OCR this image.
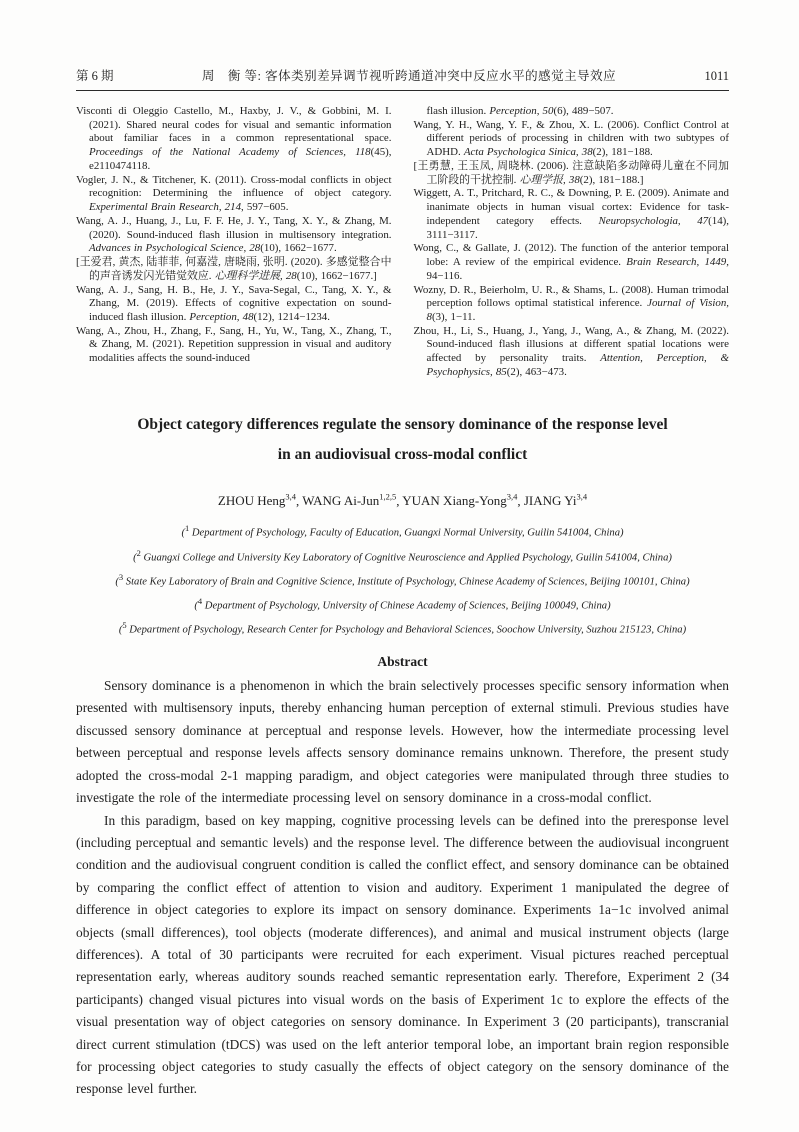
第 6 期	周　衡 等: 客体类别差异调节视听跨通道冲突中反应水平的感觉主导效应	1011

Visconti di Oleggio Castello, M., Haxby, J. V., & Gobbini, M. I. (2021). Shared neural codes for visual and semantic information about familiar faces in a common representational space. Proceedings of the National Academy of Sciences, 118(45), e2110474118.

Vogler, J. N., & Titchener, K. (2011). Cross-modal conflicts in object recognition: Determining the influence of object category. Experimental Brain Research, 214, 597−605.

Wang, A. J., Huang, J., Lu, F. F. He, J. Y., Tang, X. Y., & Zhang, M. (2020). Sound-induced flash illusion in multisensory integration. Advances in Psychological Science, 28(10), 1662−1677.

[王爱君, 黄杰, 陆菲菲, 何嘉滢, 唐晓雨, 张明. (2020). 多感觉整合中的声音诱发闪光错觉效应. 心理科学进展, 28(10), 1662−1677.]

Wang, A. J., Sang, H. B., He, J. Y., Sava-Segal, C., Tang, X. Y., & Zhang, M. (2019). Effects of cognitive expectation on sound-induced flash illusion. Perception, 48(12), 1214−1234.

Wang, A., Zhou, H., Zhang, F., Sang, H., Yu, W., Tang, X., Zhang, T., & Zhang, M. (2021). Repetition suppression in visual and auditory modalities affects the sound-induced

flash illusion. Perception, 50(6), 489−507.

Wang, Y. H., Wang, Y. F., & Zhou, X. L. (2006). Conflict Control at different periods of processing in children with two subtypes of ADHD. Acta Psychologica Sinica, 38(2), 181−188.

[王勇慧, 王玉凤, 周晓林. (2006). 注意缺陷多动障碍儿童在不同加工阶段的干扰控制. 心理学报, 38(2), 181−188.]

Wiggett, A. T., Pritchard, R. C., & Downing, P. E. (2009). Animate and inanimate objects in human visual cortex: Evidence for task-independent category effects. Neuropsychologia, 47(14), 3111−3117.

Wong, C., & Gallate, J. (2012). The function of the anterior temporal lobe: A review of the empirical evidence. Brain Research, 1449, 94−116.

Wozny, D. R., Beierholm, U. R., & Shams, L. (2008). Human trimodal perception follows optimal statistical inference. Journal of Vision, 8(3), 1−11.

Zhou, H., Li, S., Huang, J., Yang, J., Wang, A., & Zhang, M. (2022). Sound-induced flash illusions at different spatial locations were affected by personality traits. Attention, Perception, & Psychophysics, 85(2), 463−473.

Object category differences regulate the sensory dominance of the response level
in an audiovisual cross-modal conflict
ZHOU Heng$^{3,4}$, WANG Ai-Jun$^{1,2,5}$, YUAN Xiang-Yong$^{3,4}$, JIANG Yi$^{3,4}$
($^1$ Department of Psychology, Faculty of Education, Guangxi Normal University, Guilin 541004, China)
($^2$ Guangxi College and University Key Laboratory of Cognitive Neuroscience and Applied Psychology, Guilin 541004, China)
($^3$ State Key Laboratory of Brain and Cognitive Science, Institute of Psychology, Chinese Academy of Sciences, Beijing 100101, China)
($^4$ Department of Psychology, University of Chinese Academy of Sciences, Beijing 100049, China)
($^5$ Department of Psychology, Research Center for Psychology and Behavioral Sciences, Soochow University, Suzhou 215123, China)
Abstract

Sensory dominance is a phenomenon in which the brain selectively processes specific sensory information when presented with multisensory inputs, thereby enhancing human perception of external stimuli. Previous studies have discussed sensory dominance at perceptual and response levels. However, how the intermediate processing level between perceptual and response levels affects sensory dominance remains unknown. Therefore, the present study adopted the cross-modal 2-1 mapping paradigm, and object categories were manipulated through three studies to investigate the role of the intermediate processing level on sensory dominance in a cross-modal conflict.

In this paradigm, based on key mapping, cognitive processing levels can be defined into the preresponse level (including perceptual and semantic levels) and the response level. The difference between the audiovisual incongruent condition and the audiovisual congruent condition is called the conflict effect, and sensory dominance can be obtained by comparing the conflict effect of attention to vision and auditory. Experiment 1 manipulated the degree of difference in object categories to explore its impact on sensory dominance. Experiments 1a−1c involved animal objects (small differences), tool objects (moderate differences), and animal and musical instrument objects (large differences). A total of 30 participants were recruited for each experiment. Visual pictures reached perceptual representation early, whereas auditory sounds reached semantic representation early. Therefore, Experiment 2 (34 participants) changed visual pictures into visual words on the basis of Experiment 1c to explore the effects of the visual presentation way of object categories on sensory dominance. In Experiment 3 (20 participants), transcranial direct current stimulation (tDCS) was used on the left anterior temporal lobe, an important brain region responsible for processing object categories to study casually the effects of object category on the sensory dominance of the response level further.
